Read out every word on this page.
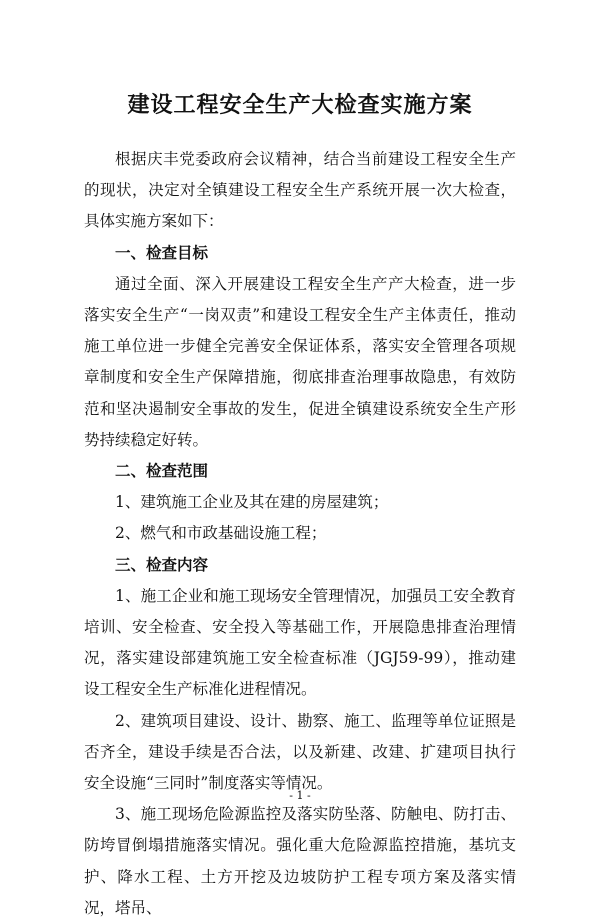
建设工程安全生产大检查实施方案

根据庆丰党委政府会议精神，结合当前建设工程安全生产的现状，决定对全镇建设工程安全生产系统开展一次大检查，具体实施方案如下：

一、检查目标

通过全面、深入开展建设工程安全生产产大检查，进一步落实安全生产“一岗双责”和建设工程安全生产主体责任，推动施工单位进一步健全完善安全保证体系，落实安全管理各项规章制度和安全生产保障措施，彻底排查治理事故隐患，有效防范和坚决遏制安全事故的发生，促进全镇建设系统安全生产形势持续稳定好转。

二、检查范围

1、建筑施工企业及其在建的房屋建筑；

2、燃气和市政基础设施工程；

三、检查内容

1、施工企业和施工现场安全管理情况，加强员工安全教育培训、安全检查、安全投入等基础工作，开展隐患排查治理情况，落实建设部建筑施工安全检查标准（JGJ59-99），推动建设工程安全生产标准化进程情况。

2、建筑项目建设、设计、勘察、施工、监理等单位证照是否齐全，建设手续是否合法，以及新建、改建、扩建项目执行安全设施“三同时”制度落实等情况。

3、施工现场危险源监控及落实防坠落、防触电、防打击、防垮冒倒塌措施落实情况。强化重大危险源监控措施，基坑支护、降水工程、土方开挖及边坡防护工程专项方案及落实情况，塔吊、

- 1 -
